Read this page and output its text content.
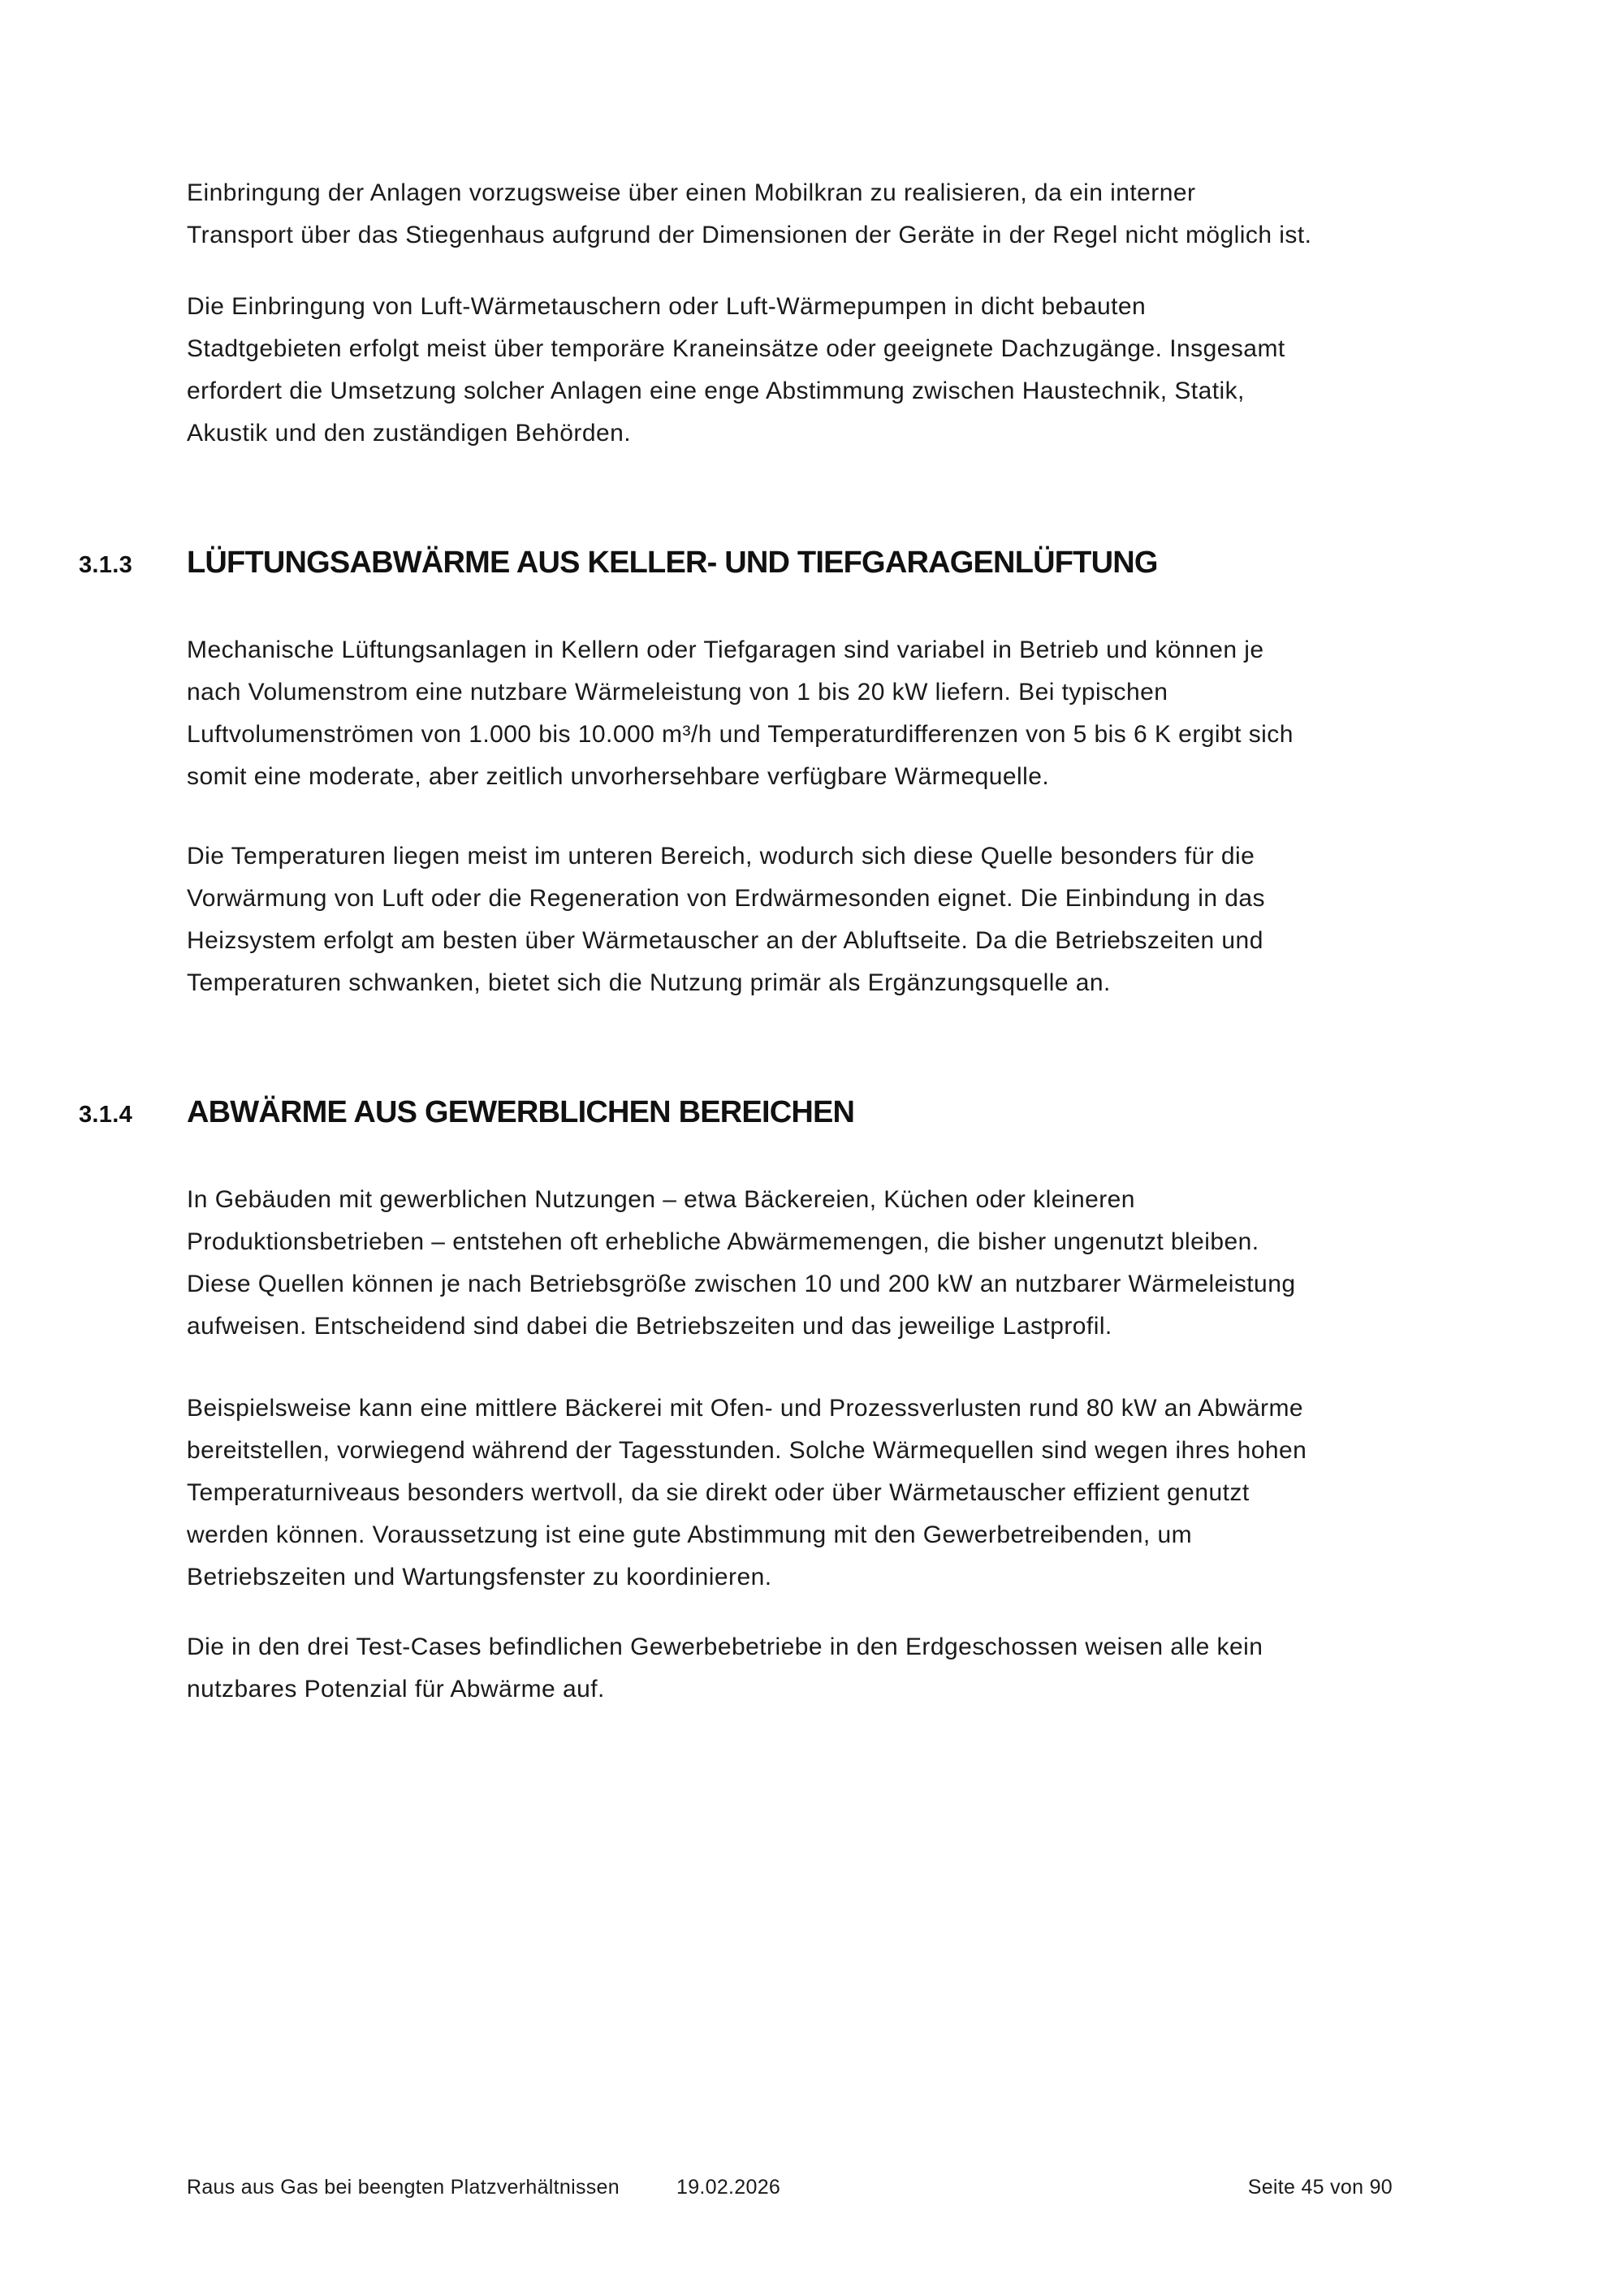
Einbringung der Anlagen vorzugsweise über einen Mobilkran zu realisieren, da ein interner
Transport über das Stiegenhaus aufgrund der Dimensionen der Geräte in der Regel nicht möglich ist.
Die Einbringung von Luft-Wärmetauschern oder Luft-Wärmepumpen in dicht bebauten
Stadtgebieten erfolgt meist über temporäre Kraneinsätze oder geeignete Dachzugänge. Insgesamt
erfordert die Umsetzung solcher Anlagen eine enge Abstimmung zwischen Haustechnik, Statik,
Akustik und den zuständigen Behörden.
3.1.3	LÜFTUNGSABWÄRME AUS KELLER- UND TIEFGARAGENLÜFTUNG
Mechanische Lüftungsanlagen in Kellern oder Tiefgaragen sind variabel in Betrieb und können je
nach Volumenstrom eine nutzbare Wärmeleistung von 1 bis 20 kW liefern. Bei typischen
Luftvolumenströmen von 1.000 bis 10.000 m³/h und Temperaturdifferenzen von 5 bis 6 K ergibt sich
somit eine moderate, aber zeitlich unvorhersehbare verfügbare Wärmequelle.
Die Temperaturen liegen meist im unteren Bereich, wodurch sich diese Quelle besonders für die
Vorwärmung von Luft oder die Regeneration von Erdwärmesonden eignet. Die Einbindung in das
Heizsystem erfolgt am besten über Wärmetauscher an der Abluftseite. Da die Betriebszeiten und
Temperaturen schwanken, bietet sich die Nutzung primär als Ergänzungsquelle an.
3.1.4	ABWÄRME AUS GEWERBLICHEN BEREICHEN
In Gebäuden mit gewerblichen Nutzungen – etwa Bäckereien, Küchen oder kleineren
Produktionsbetrieben – entstehen oft erhebliche Abwärmemengen, die bisher ungenutzt bleiben.
Diese Quellen können je nach Betriebsgröße zwischen 10 und 200 kW an nutzbarer Wärmeleistung
aufweisen. Entscheidend sind dabei die Betriebszeiten und das jeweilige Lastprofil.
Beispielsweise kann eine mittlere Bäckerei mit Ofen- und Prozessverlusten rund 80 kW an Abwärme
bereitstellen, vorwiegend während der Tagesstunden. Solche Wärmequellen sind wegen ihres hohen
Temperaturniveaus besonders wertvoll, da sie direkt oder über Wärmetauscher effizient genutzt
werden können. Voraussetzung ist eine gute Abstimmung mit den Gewerbetreibenden, um
Betriebszeiten und Wartungsfenster zu koordinieren.
Die in den drei Test-Cases befindlichen Gewerbebetriebe in den Erdgeschossen weisen alle kein
nutzbares Potenzial für Abwärme auf.
Raus aus Gas bei beengten Platzverhältnissen	19.02.2026	Seite 45 von 90
